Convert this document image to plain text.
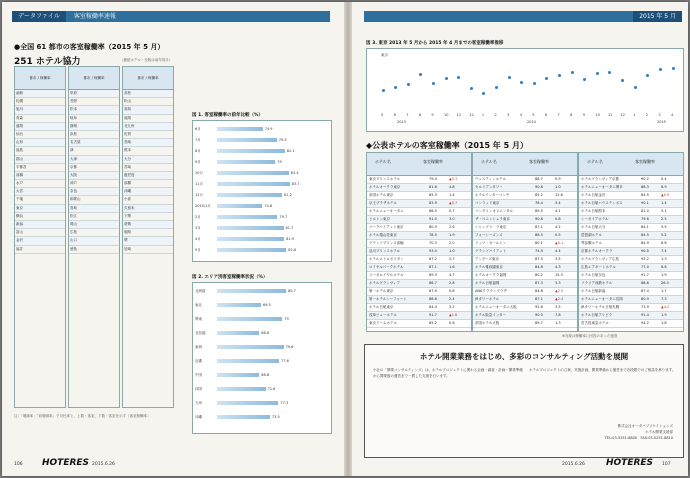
データファイル 客室稼働率速報	2015 年 5 月
●全国 61 都市の客室稼働率（2015 年 5 月）
251 ホテル協力	（継続ホテル・比較は前年同月）
都市 / 稼働率
函館
札幌
旭川
青森
盛岡
仙台
山形
福島
郡山
宇都宮
前橋
水戸
大宮
千葉
東京
横浜
新潟
富山
金沢
福井
都市 / 稼働率
甲府
長野
松本
岐阜
静岡
浜松
名古屋
津
大津
京都
大阪
神戸
奈良
和歌山
鳥取
松江
岡山
広島
山口
徳島
都市 / 稼働率
高松
松山
高知
福岡
北九州
佐賀
長崎
熊本
大分
宮崎
鹿児島
那覇
沖縄
小倉
久留米
下関
倉敷
姫路
堺
尼崎
注）「増減率」「前増減率」で対比率ヒ、上数・客室、下数・客室を示す（客室稼働率）
図 1. 客室稼働率の前年比較（%）
6月	74.9
7月	79.5
8月	82.1
9月	79
10月	83.4
11月	83.7
12月	81.2
2015/1月	74.8
2月	79.7
3月	81.7
4月	81.9
5月	82.6
図 2. エリア別客室稼働率状況（%）
北海道	80.7
東北	69.5
関東	79
北信越	68.8
東海	79.6
近畿	77.6
中国	68.8
四国	71.6
九州	77.3
沖縄	73.5
図 3. 東京 2013 年 5 月から 2015 年 4 月までの客室稼働率推移
東京
5	6	7	8	9	10 11 12 1	2	3	4	5	6	7	8	9	10 11 12 1	2	3	4
2013	2014	2015
◆公表ホテルの客室稼働率（2015 年 5 月）
ホテル名	客室稼働率
東京プリンスホテル	79.4	▲5.3
ホテルオークラ東京	81.6	4.8
帝国ホテル東京	85.3	1.4
京王プラザホテル	83.9	▲5.7
ホテルニューオータニ	86.0	0.7
ヒルトン東京	91.0	3.0
パークハイアット東京	80.9	2.6
ホテル椿山荘東京	78.5	1.9
グランドプリンス高輪	70.3	2.0
品川プリンスホテル	93.0	1.0
ホテルメトロポリタン	87.2	2.7
ロイヤルパークホテル	87.1	1.6
リーガロイヤルホテル	89.3	4.7
ホテルグランヴィア	86.7	2.8
第一ホテル東京	87.9	0.8
第一ホテルシーフォート	86.6	2.4
ホテル日航東京	84.4	3.2
浅草ビューホテル	91.7	▲1.8
東京ドームホテル	85.2	0.6
ホテル名	客室稼働率
ウェスティンホテル	88.7	0.9
セルリアンタワー	90.8	1.0
ホテルインターコンチ	85.2	12.6
コンラッド東京	78.4	3.4
マンダリンオリエンタル	89.5	4.1
ザ・ペニンシュラ東京	90.8	0.8
シャングリ・ラ東京	87.1	4.2
フォーシーズンズ	88.5	0.5
リッツ・カールトン	80.1	▲0.1
グランドハイアット	74.9	4.4
アンダーズ東京	87.5	3.5
ホテル雅叙園東京	84.6	4.3
ホテルオークラ福岡	80.2	15.3
ホテル日航福岡	87.3	3.3
ANAクラウンプラザ	84.8	▲2.5
JRタワーホテル	87.1	▲2.4
ホテルニューオータニ大阪	92.6	3.5
ホテル阪急インター	90.0	7.8
帝国ホテル大阪	89.7	1.3
ホテル名	客室稼働率
ホテルグランヴィア京都	90.2	0.4
ホテルニューオータニ博多	88.3	6.9
ホテル日航金沢	84.5	▲0.9
ホテル日航ハウステンボス	90.1	1.4
ホテル日航熊本	81.0	3.1
シーガイアホテル	79.6	2.5
ホテル日航大分	84.1	3.5
琵琶湖ホテル	84.5	5.2
琴参閣ホテル	84.9	6.6
京都ホテルオークラ	90.5	7.4
ホテルグランヴィア広島	93.2	1.3
広島エアポートホテル	77.0	6.6
ホテル日航奈良	91.7	1.9
ソラリア西鉄ホテル	88.6	26.0
ホテル日航新潟	87.4	1.7
ホテルニューオータニ長岡	80.9	7.3
JRタワーホテル日航札幌	73.9	▲4.2
ホテル日航アリビラ	91.4	1.9
宮古島東急ホテル	94.2	1.8
※対象は稼働率に回答のあった施設
ホテル開業業務をはじめ、多彩のコンサルティング活動を展開
小社の「開業コンサルティング」は、ホテルプロジェクトに関わる企画・調査・計画・開業準備から開業後の運営まで一貫した支援を行います。
ホテルプロジェクトの立案、実施計画、開業準備から運営まで各段階でのご相談を承ります。
株式会社オータパブリケイションズ
ホテル開業支援部
TEL:03-5251-8800　FAX:03-5251-8810
106 HOTERES 2015.6.26	2015.6.26 HOTERES 107
